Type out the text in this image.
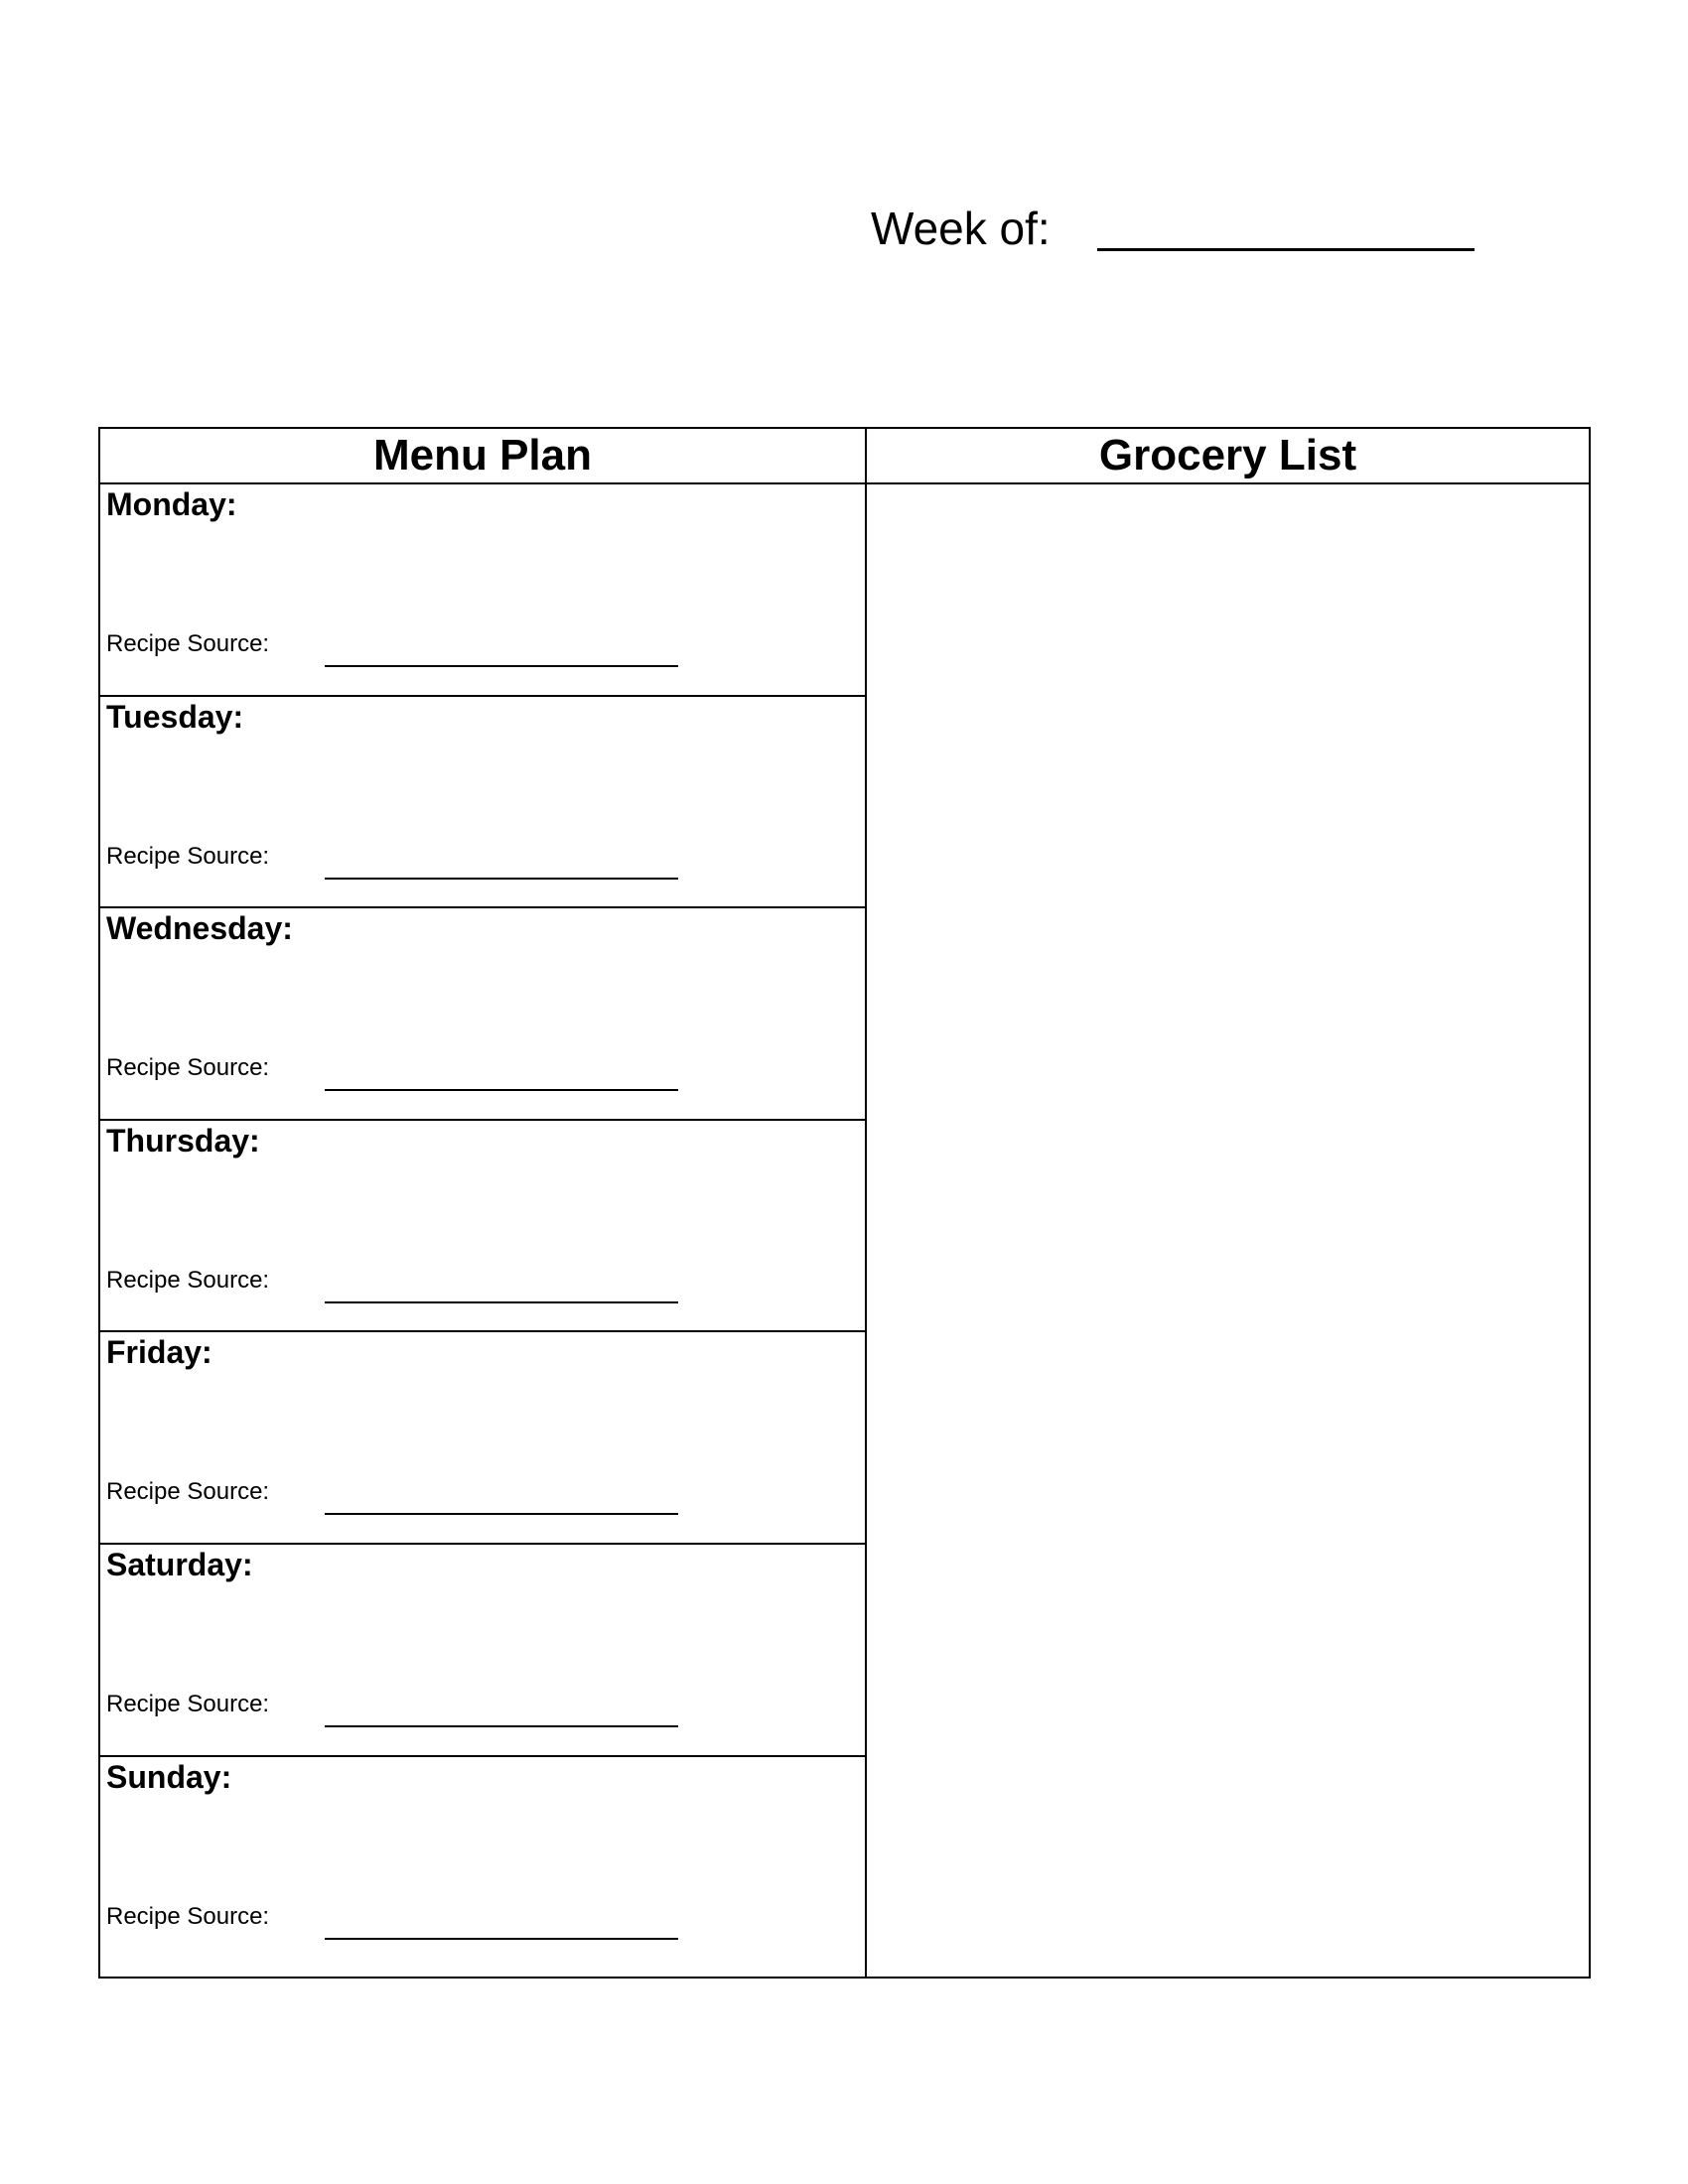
Week of:
Menu Plan	Grocery List
Monday:
Recipe Source:
Tuesday:
Recipe Source:
Wednesday:
Recipe Source:
Thursday:
Recipe Source:
Friday:
Recipe Source:
Saturday:
Recipe Source:
Sunday:
Recipe Source:
